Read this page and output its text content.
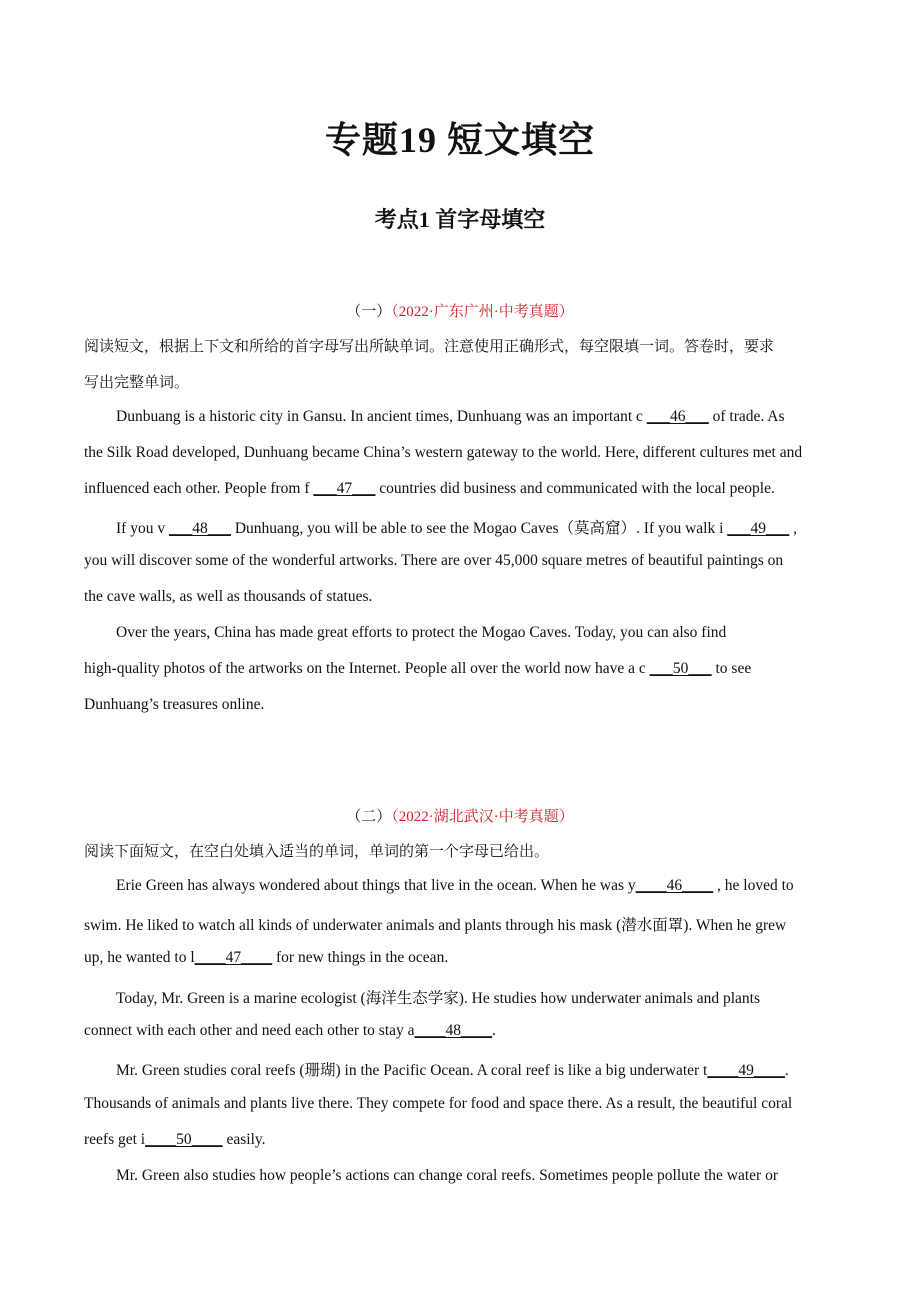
专题19 短文填空
考点1 首字母填空
（一）（2022·广东广州·中考真题）
阅读短文，根据上下文和所给的首字母写出所缺单词。注意使用正确形式，每空限填一词。答卷时，要求
写出完整单词。
Dunbuang is a historic city in Gansu. In ancient times, Dunhuang was an important c ___46___ of trade. As
the Silk Road developed, Dunhuang became China’s western gateway to the world. Here, different cultures met and
influenced each other. People from f ___47___ countries did business and communicated with the local people.
If you v ___48___ Dunhuang, you will be able to see the Mogao Caves（莫高窟）. If you walk i ___49___ ,
you will discover some of the wonderful artworks. There are over 45,000 square metres of beautiful paintings on
the cave walls, as well as thousands of statues.
Over the years, China has made great efforts to protect the Mogao Caves. Today, you can also find
high-quality photos of the artworks on the Internet. People all over the world now have a c ___50___ to see
Dunhuang’s treasures online.
（二）（2022·湖北武汉·中考真题）
阅读下面短文，在空白处填入适当的单词，单词的第一个字母已给出。
Erie Green has always wondered about things that live in the ocean. When he was y____46____ , he loved to
swim. He liked to watch all kinds of underwater animals and plants through his mask (潜水面罩). When he grew
up, he wanted to l____47____ for new things in the ocean.
Today, Mr. Green is a marine ecologist (海洋生态学家). He studies how underwater animals and plants
connect with each other and need each other to stay a____48____.
Mr. Green studies coral reefs (珊瑚) in the Pacific Ocean. A coral reef is like a big underwater t____49____.
Thousands of animals and plants live there. They compete for food and space there. As a result, the beautiful coral
reefs get i____50____ easily.
Mr. Green also studies how people’s actions can change coral reefs. Sometimes people pollute the water or
